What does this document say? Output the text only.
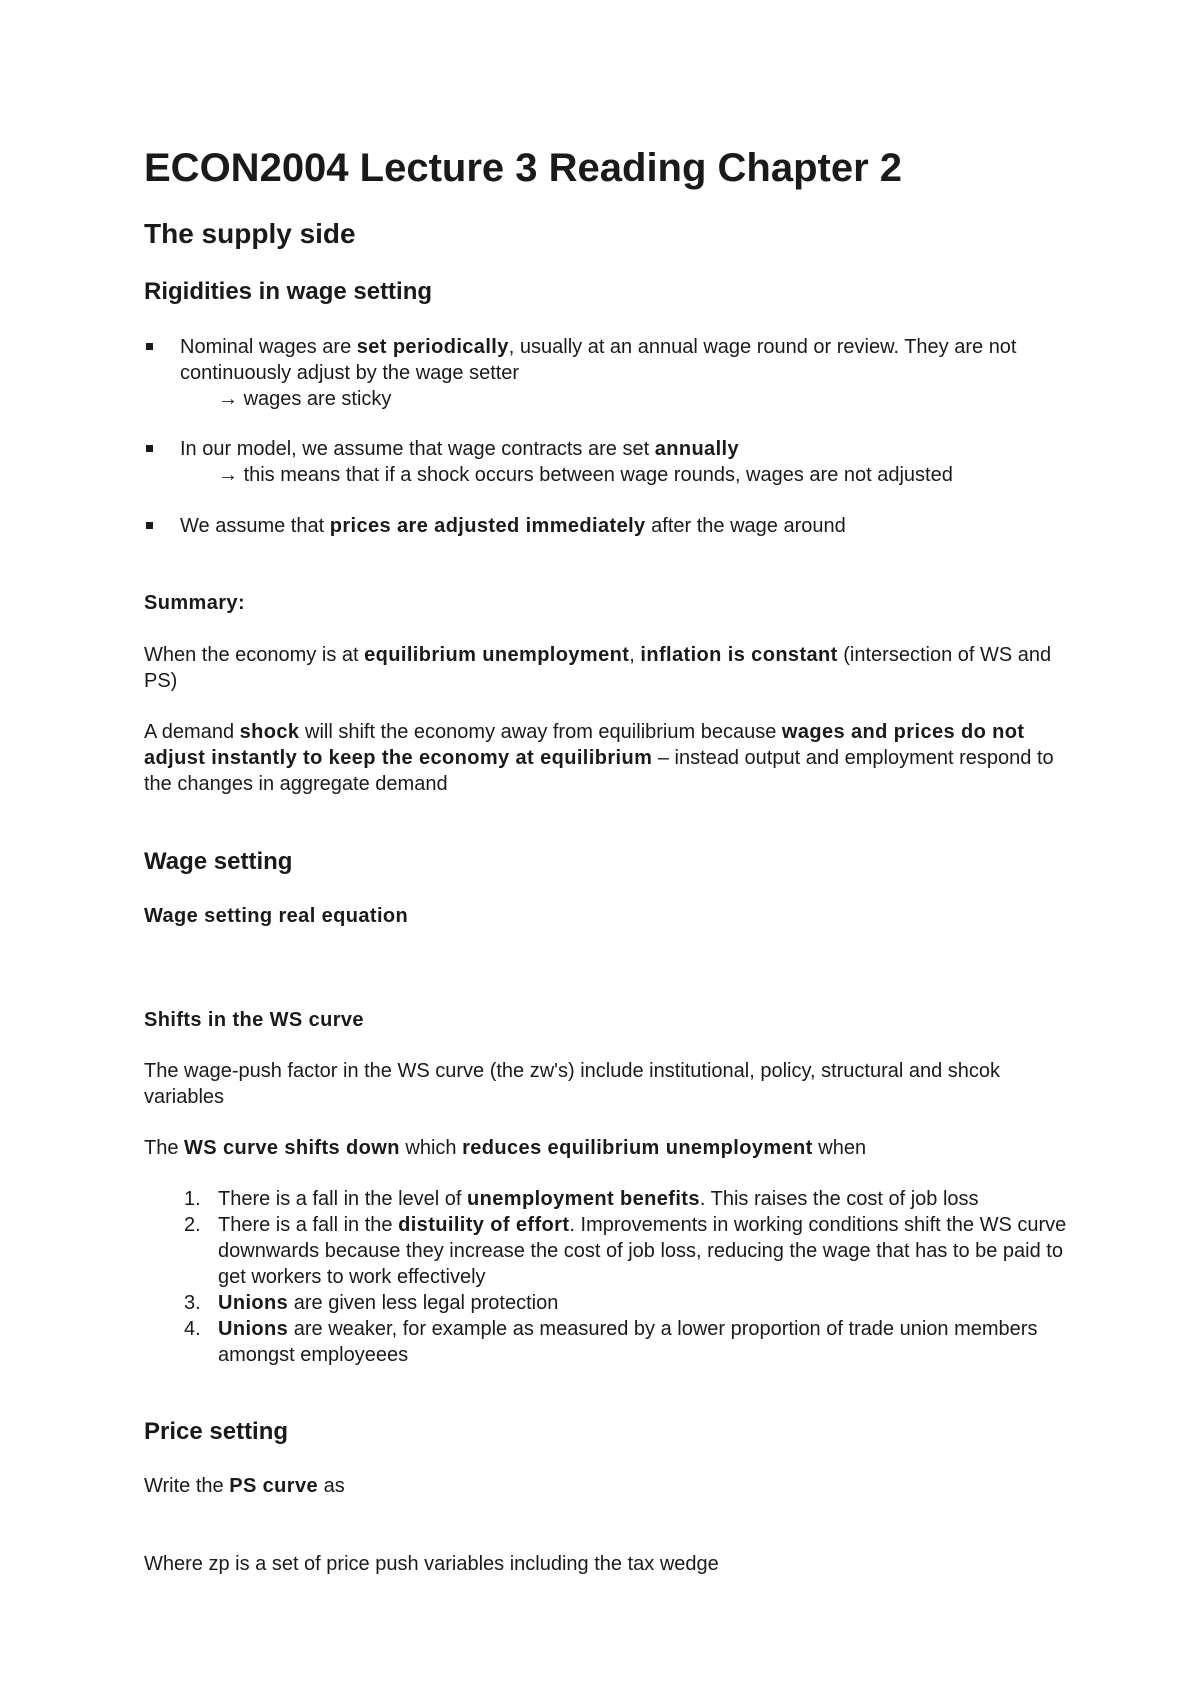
ECON2004 Lecture 3 Reading Chapter 2
The supply side
Rigidities in wage setting
Nominal wages are set periodically, usually at an annual wage round or review. They are not continuously adjust by the wage setter
→ wages are sticky
In our model, we assume that wage contracts are set annually
→ this means that if a shock occurs between wage rounds, wages are not adjusted
We assume that prices are adjusted immediately after the wage around
Summary:
When the economy is at equilibrium unemployment, inflation is constant (intersection of WS and PS)
A demand shock will shift the economy away from equilibrium because wages and prices do not adjust instantly to keep the economy at equilibrium – instead output and employment respond to the changes in aggregate demand
Wage setting
Wage setting real equation
Shifts in the WS curve
The wage-push factor in the WS curve (the zw's) include institutional, policy, structural and shcok variables
The WS curve shifts down which reduces equilibrium unemployment when
1. There is a fall in the level of unemployment benefits. This raises the cost of job loss
2. There is a fall in the distuility of effort. Improvements in working conditions shift the WS curve downwards because they increase the cost of job loss, reducing the wage that has to be paid to get workers to work effectively
3. Unions are given less legal protection
4. Unions are weaker, for example as measured by a lower proportion of trade union members amongst employeees
Price setting
Write the PS curve as
Where zp is a set of price push variables including the tax wedge
